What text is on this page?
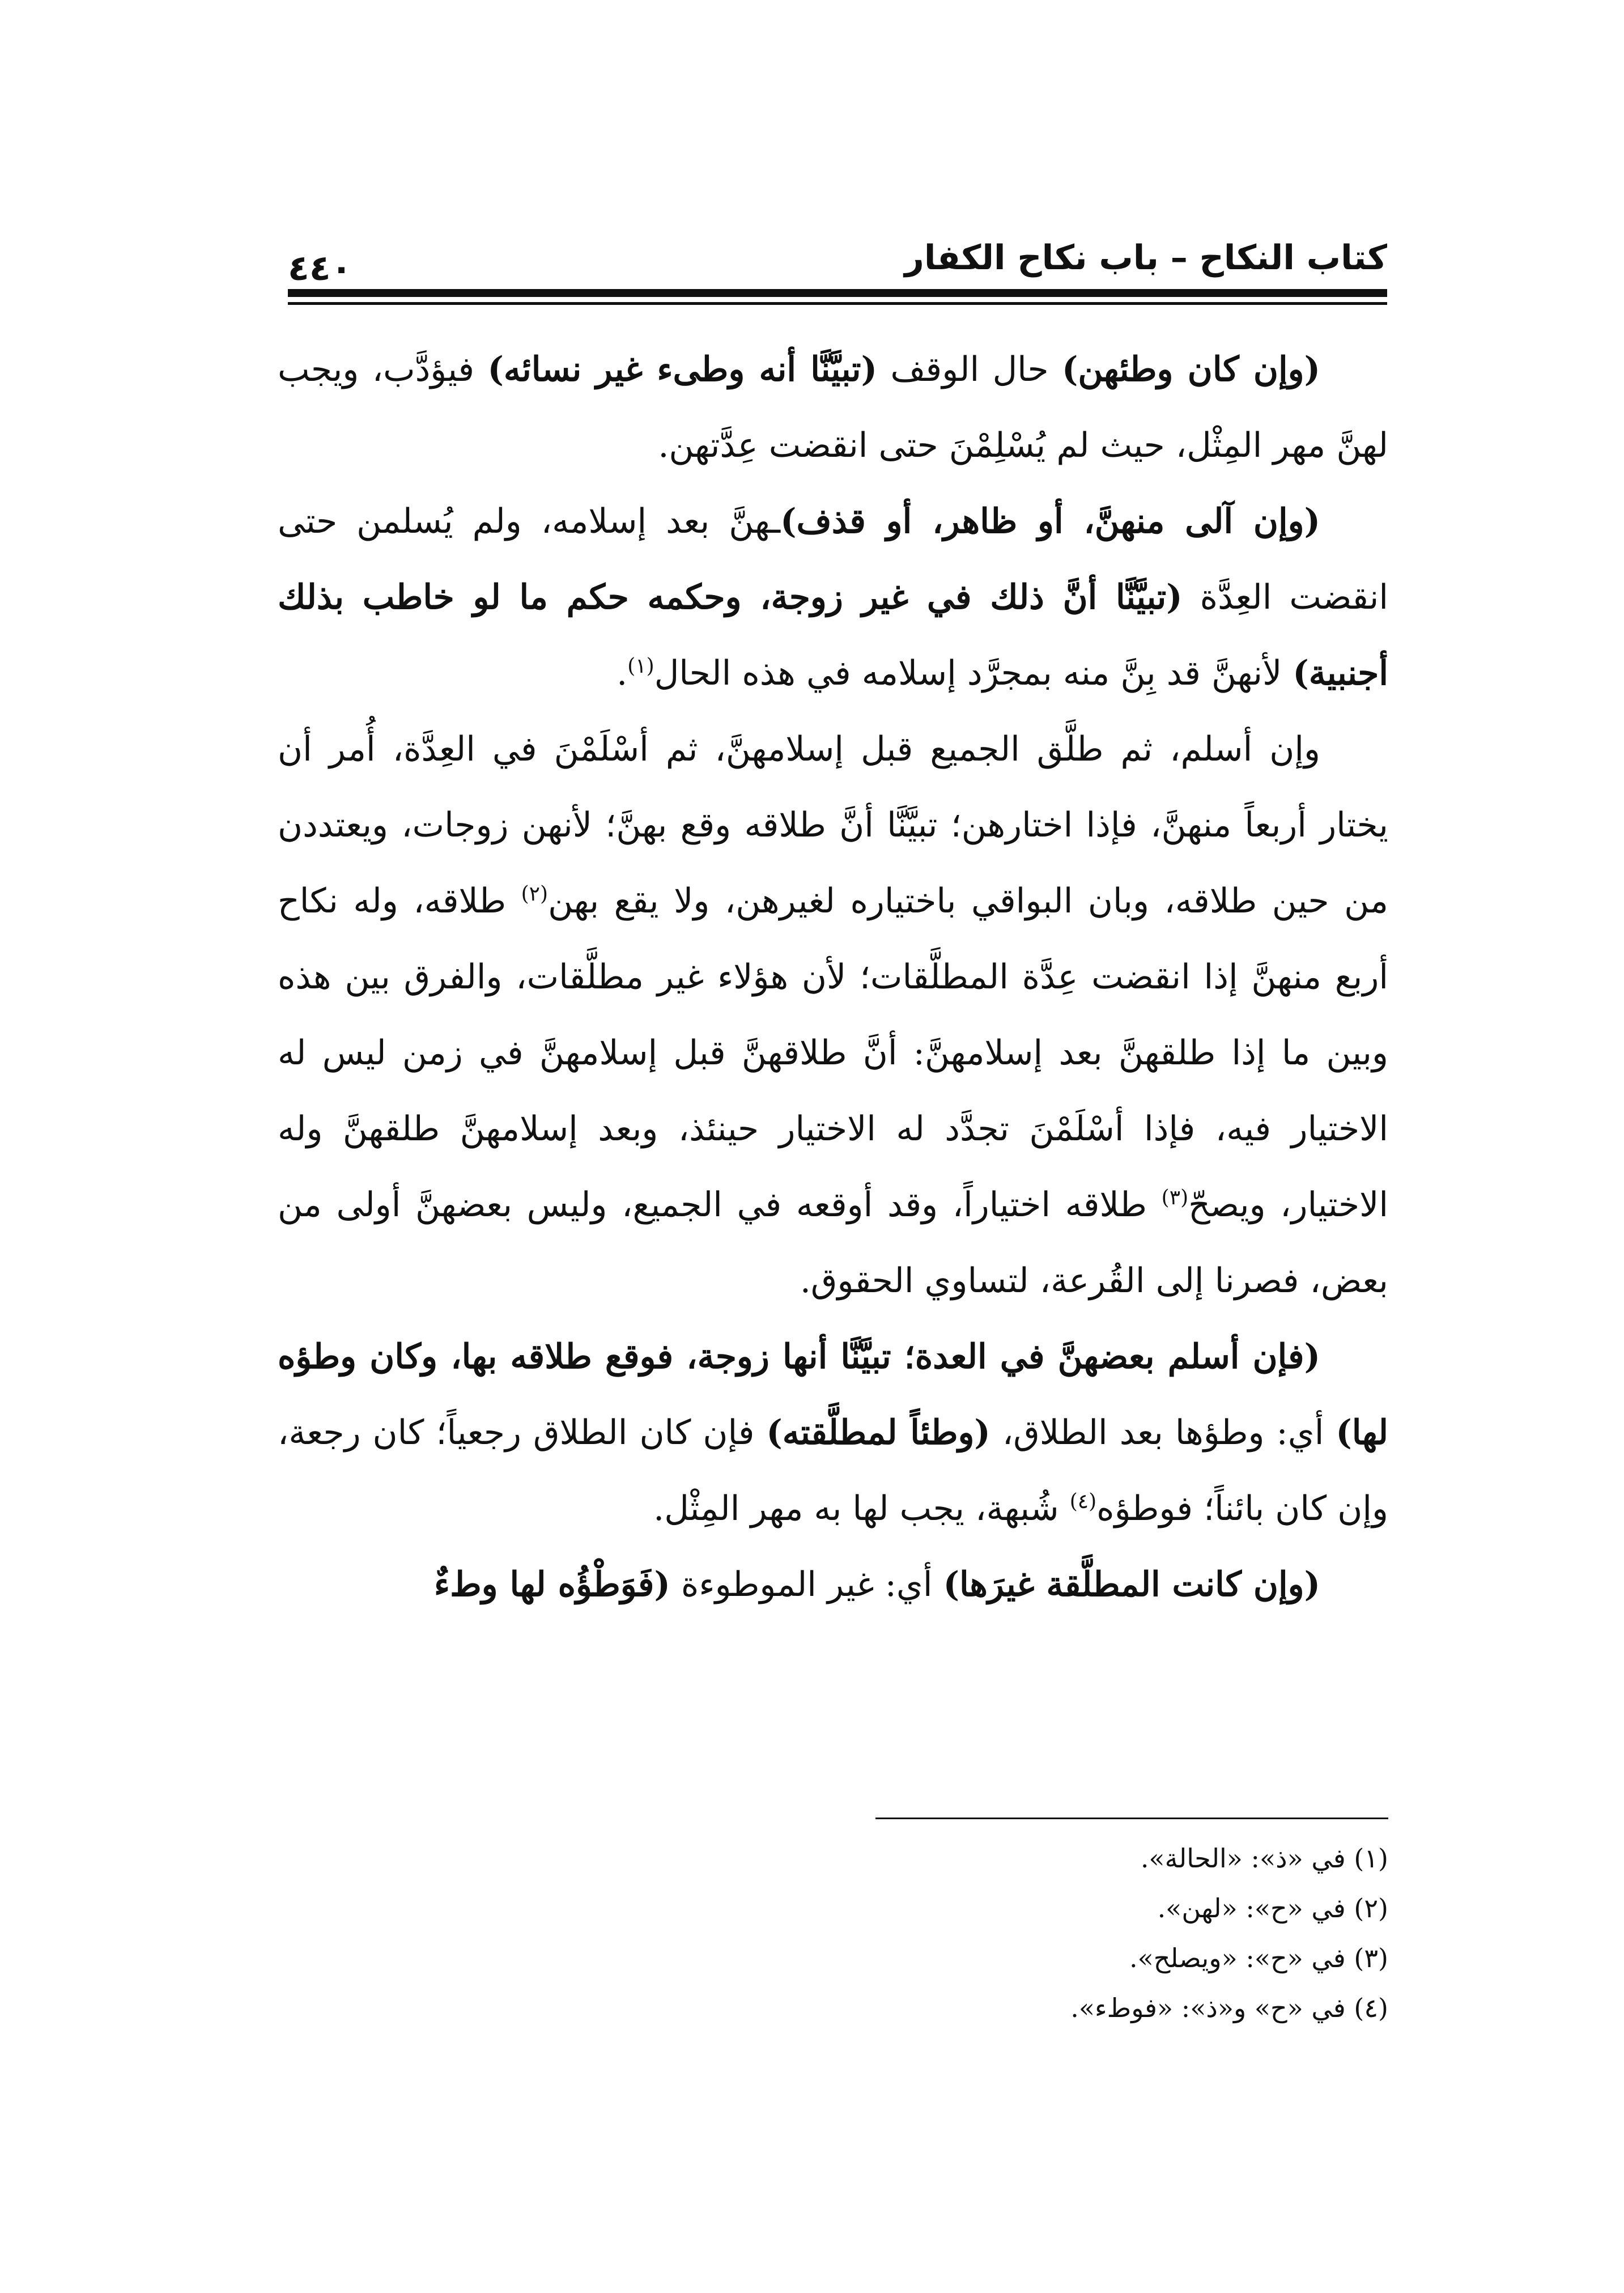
كتاب النكاح – باب نكاح الكفار
٤٤٠

(وإن كان وطئهن) حال الوقف (تبيَّنَّا أنه وطىء غير نسائه) فيؤدَّب، ويجب لهنَّ مهر المِثْل، حيث لم يُسْلِمْنَ حتى انقضت عِدَّتهن.

(وإن آلى منهنَّ، أو ظاهر، أو قذف)ـهنَّ بعد إسلامه، ولم يُسلمن حتى انقضت العِدَّة (تبيَّنَّا أنَّ ذلك في غير زوجة، وحكمه حكم ما لو خاطب بذلك أجنبية) لأنهنَّ قد بِنَّ منه بمجرَّد إسلامه في هذه الحال$^{(١)}$.

وإن أسلم، ثم طلَّق الجميع قبل إسلامهنَّ، ثم أسْلَمْنَ في العِدَّة، أُمر أن يختار أربعاً منهنَّ، فإذا اختارهن؛ تبيَّنَّا أنَّ طلاقه وقع بهنَّ؛ لأنهن زوجات، ويعتددن من حين طلاقه، وبان البواقي باختياره لغيرهن، ولا يقع بهن$^{(٢)}$ طلاقه، وله نكاح أربع منهنَّ إذا انقضت عِدَّة المطلَّقات؛ لأن هؤلاء غير مطلَّقات، والفرق بين هذه وبين ما إذا طلقهنَّ بعد إسلامهنَّ: أنَّ طلاقهنَّ قبل إسلامهنَّ في زمن ليس له الاختيار فيه، فإذا أسْلَمْنَ تجدَّد له الاختيار حينئذ، وبعد إسلامهنَّ طلقهنَّ وله الاختيار، ويصحّ$^{(٣)}$ طلاقه اختياراً، وقد أوقعه في الجميع، وليس بعضهنَّ أولى من بعض، فصرنا إلى القُرعة، لتساوي الحقوق.

(فإن أسلم بعضهنَّ في العدة؛ تبيَّنَّا أنها زوجة، فوقع طلاقه بها، وكان وطؤه لها) أي: وطؤها بعد الطلاق، (وطئاً لمطلَّقته) فإن كان الطلاق رجعياً؛ كان رجعة، وإن كان بائناً؛ فوطؤه$^{(٤)}$ شُبهة، يجب لها به مهر المِثْل.

(وإن كانت المطلَّقة غيرَها) أي: غير الموطوءة (فَوَطْؤُه لها وطءٌ

(١) في «ذ»: «الحالة».

(٢) في «ح»: «لهن».

(٣) في «ح»: «ويصلح».

(٤) في «ح» و«ذ»: «فوطء».
